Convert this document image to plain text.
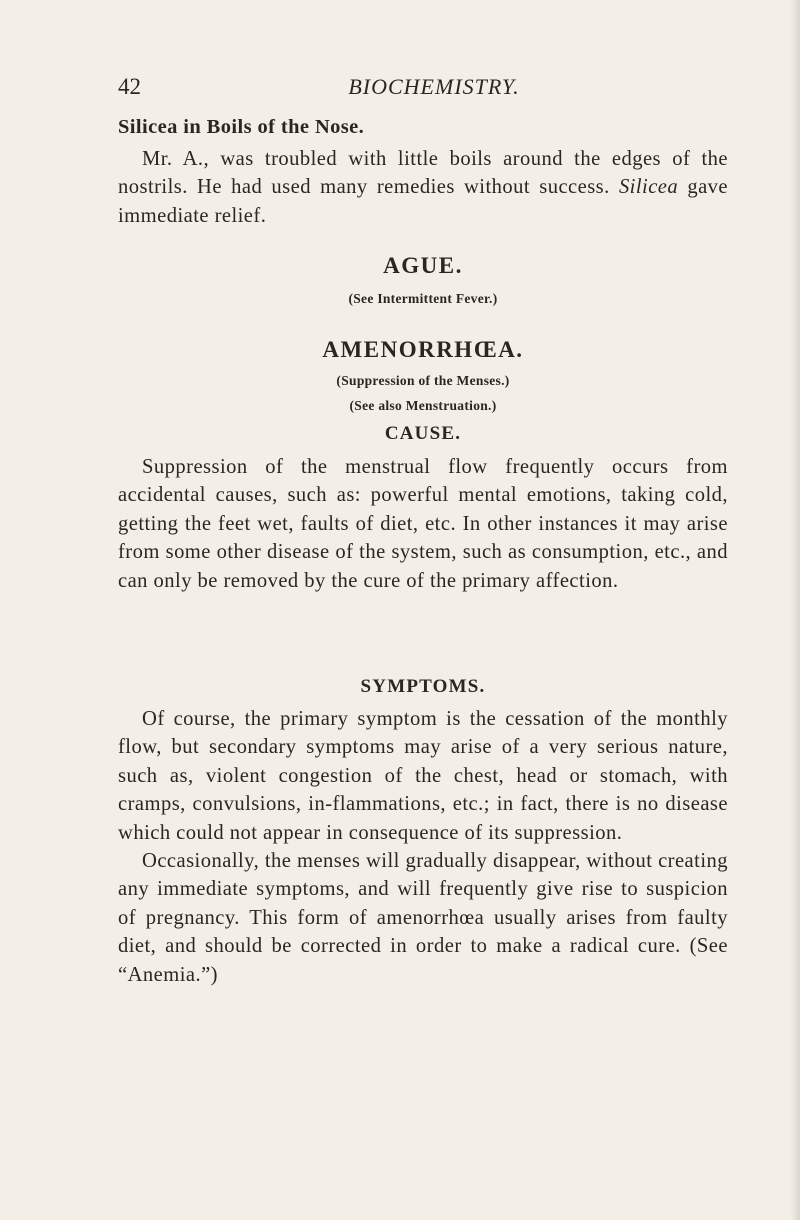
42	BIOCHEMISTRY.
Silicea in Boils of the Nose.

Mr. A., was troubled with little boils around the edges of the nostrils. He had used many remedies without success. Silicea gave immediate relief.

AGUE.
(See Intermittent Fever.)
AMENORRHŒA.
(Suppression of the Menses.)
(See also Menstruation.)
CAUSE.

Suppression of the menstrual flow frequently occurs from accidental causes, such as: powerful mental emotions, taking cold, getting the feet wet, faults of diet, etc. In other instances it may arise from some other disease of the system, such as consumption, etc., and can only be removed by the cure of the primary affection.

SYMPTOMS.

Of course, the primary symptom is the cessation of the monthly flow, but secondary symptoms may arise of a very serious nature, such as, violent congestion of the chest, head or stomach, with cramps, convulsions, in-flammations, etc.; in fact, there is no disease which could not appear in consequence of its suppression.

Occasionally, the menses will gradually disappear, without creating any immediate symptoms, and will frequently give rise to suspicion of pregnancy. This form of amenorrhœa usually arises from faulty diet, and should be corrected in order to make a radical cure. (See “Anemia.”)
